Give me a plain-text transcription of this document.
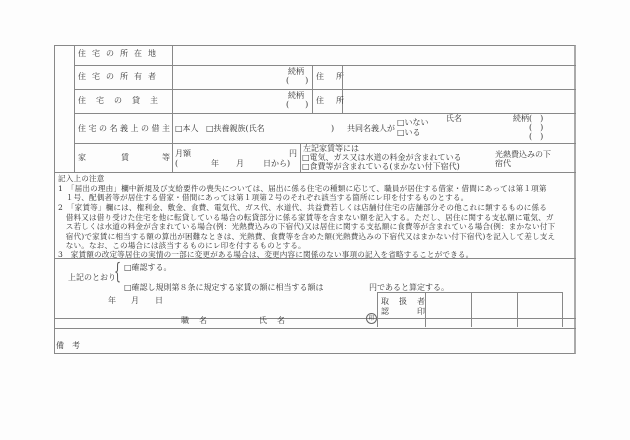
住宅の所在地
住宅の所有者
続柄
(　　) 住　所
住宅の貸主
続柄
(　　) 住　所
住宅の名義上の借主 □本人 □扶養親族(氏名	) 共同名義人が
□いない
□いる
氏名	続柄(　)
(　)
(　)
家	賃	等 月額	円
(	年 月 日から)
左記家賃等には
□電気、ガス又は水道の料金が含まれている
□食費等が含まれている(まかない付下宿代)
光熱費込みの下
宿代
記入上の注意
1　「届出の理由」欄中新規及び支給要件の喪失については、届出に係る住宅の種類に応じて、職員が居住する借家・借間にあっては第１項第
　１号、配偶者等が居住する借家・借間にあっては第１項第２号のそれぞれ該当する箇所にレ印を付するものとする。
2　「家賃等」欄には、権利金、敷金、食費、電気代、ガス代、水道代、共益費若しくは店舗付住宅の店舗部分その他これに類するものに係る
　借料又は借り受けた住宅を他に転貸している場合の転貸部分に係る家賃等を含まない額を記入する。ただし、居住に関する支払額に電気、ガ
　ス若しくは水道の料金が含まれている場合(例：光熱費込みの下宿代)又は居住に関する支払額に食費等が含まれている場合(例：まかない付下
　宿代)で家賃に相当する額の算出が困難なときは、光熱費、食費等を含めた額(光熱費込みの下宿代又はまかない付下宿代)を記入して差し支え
　ない。なお、この場合には該当するものにレ印を付するものとする。
3　家賃額の改定等居住の実情の一部に変更がある場合は、変更内容に関係のない事項の記入を省略することができる。
上記のとおり
{ □確認する。
□確認し規則第８条に規定する家賃の額に相当する額は	円であると算定する。
年 月 日
職　名	氏　名	印
取　扱　者
認　　　印
備　考
